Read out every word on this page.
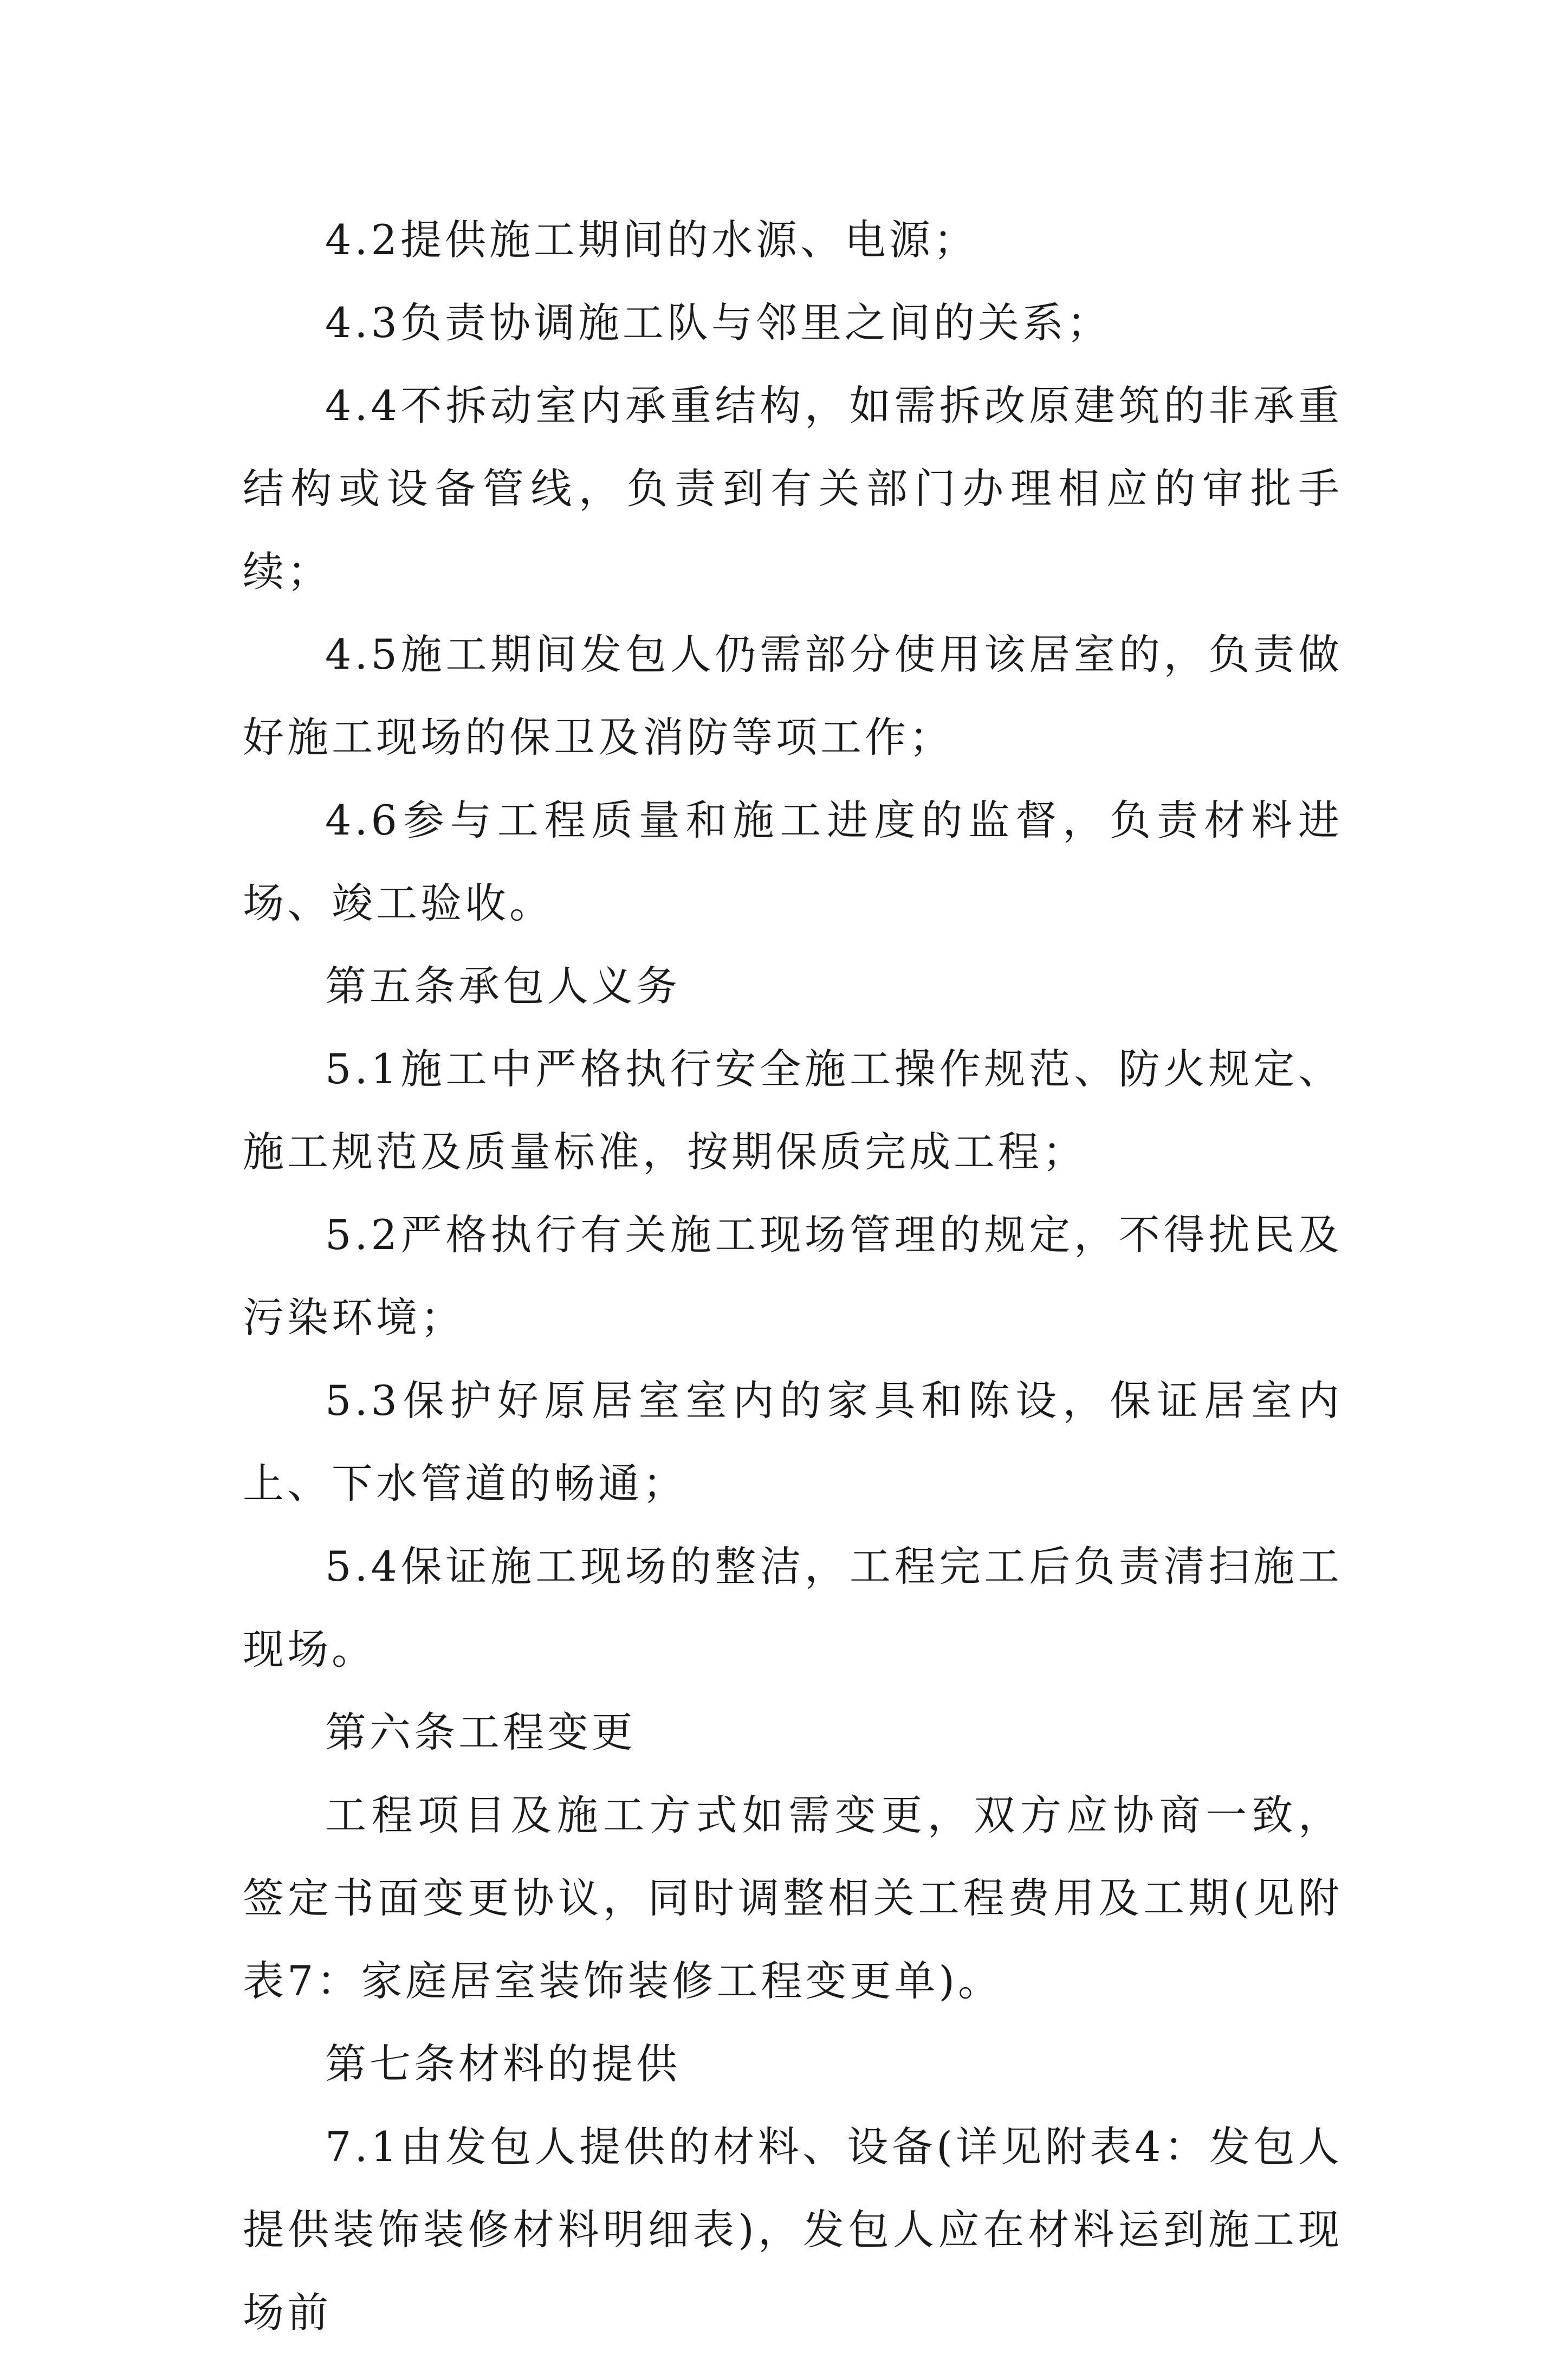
4.2提供施工期间的水源、电源；

4.3负责协调施工队与邻里之间的关系；

4.4不拆动室内承重结构，如需拆改原建筑的非承重结构或设备管线，负责到有关部门办理相应的审批手续；

4.5施工期间发包人仍需部分使用该居室的，负责做好施工现场的保卫及消防等项工作；

4.6参与工程质量和施工进度的监督，负责材料进场、竣工验收。

第五条承包人义务

5.1施工中严格执行安全施工操作规范、防火规定、施工规范及质量标准，按期保质完成工程；

5.2严格执行有关施工现场管理的规定，不得扰民及污染环境；

5.3保护好原居室室内的家具和陈设，保证居室内上、下水管道的畅通；

5.4保证施工现场的整洁，工程完工后负责清扫施工现场。

第六条工程变更

工程项目及施工方式如需变更，双方应协商一致，签定书面变更协议，同时调整相关工程费用及工期(见附表7：家庭居室装饰装修工程变更单)。

第七条材料的提供

7.1由发包人提供的材料、设备(详见附表4：发包人提供装饰装修材料明细表)，发包人应在材料运到施工现场前
